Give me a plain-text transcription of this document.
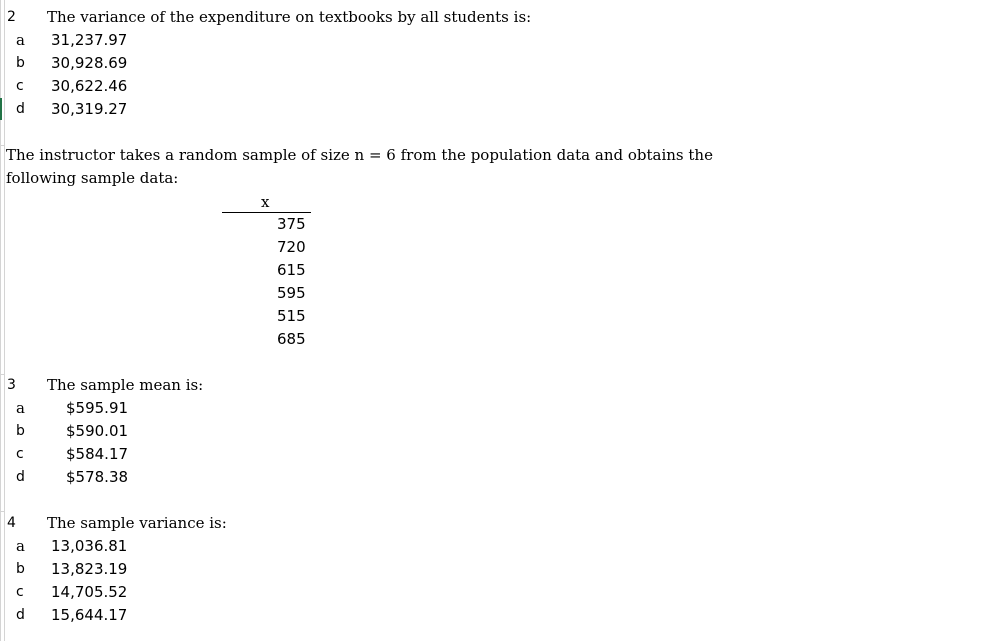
2 The variance of the expenditure on textbooks by all students is:
a 31,237.97
b 30,928.69
c 30,622.46
d 30,319.27
The instructor takes a random sample of size n = 6 from the population data and obtains the
following sample data:
x
375
720
615
595
515
685
3 The sample mean is:
a	$595.91
b	$590.01
c	$584.17
d	$578.38
4 The sample variance is:
a 13,036.81
b 13,823.19
c 14,705.52
d 15,644.17
